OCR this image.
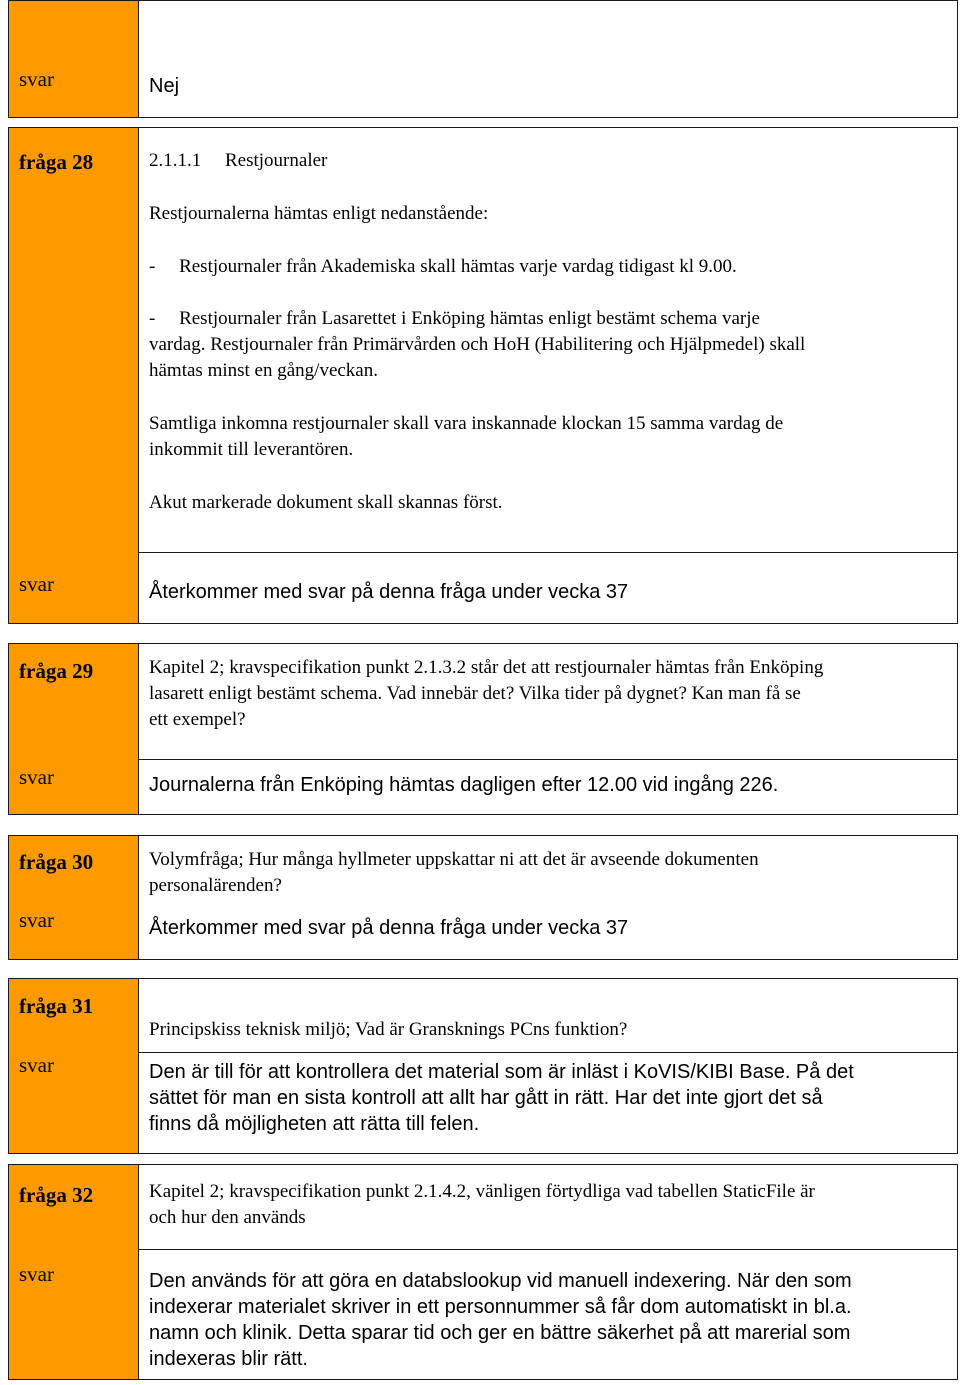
svar	Nej
fråga 28
svar
2.1.1.1     Restjournaler
Restjournalerna hämtas enligt nedanstående:
-     Restjournaler från Akademiska skall hämtas varje vardag tidigast kl 9.00.
-     Restjournaler från Lasarettet i Enköping hämtas enligt bestämt schema varje
vardag. Restjournaler från Primärvården och HoH (Habilitering och Hjälpmedel) skall
hämtas minst en gång/veckan.
Samtliga inkomna restjournaler skall vara inskannade klockan 15 samma vardag de
inkommit till leverantören.
Akut markerade dokument skall skannas först.
Återkommer med svar på denna fråga under vecka 37
fråga 29
svar
Kapitel 2; kravspecifikation punkt 2.1.3.2 står det att restjournaler hämtas från Enköping
lasarett enligt bestämt schema. Vad innebär det? Vilka tider på dygnet? Kan man få se
ett exempel?
Journalerna från Enköping hämtas dagligen efter 12.00 vid ingång 226.
fråga 30
svar
Volymfråga; Hur många hyllmeter uppskattar ni att det är avseende dokumenten
personalärenden?
Återkommer med svar på denna fråga under vecka 37
fråga 31
svar
Principskiss teknisk miljö; Vad är Gransknings PCns funktion?
Den är till för att kontrollera det material som är inläst i KoVIS/KIBI Base. På det
sättet för man en sista kontroll att allt har gått in rätt. Har det inte gjort det så
finns då möjligheten att rätta till felen.
fråga 32
svar
Kapitel 2; kravspecifikation punkt 2.1.4.2, vänligen förtydliga vad tabellen StaticFile är
och hur den används
Den används för att göra en databslookup vid manuell indexering. När den som
indexerar materialet skriver in ett personnummer så får dom automatiskt in bl.a.
namn och klinik. Detta sparar tid och ger en bättre säkerhet på att marerial som
indexeras blir rätt.
